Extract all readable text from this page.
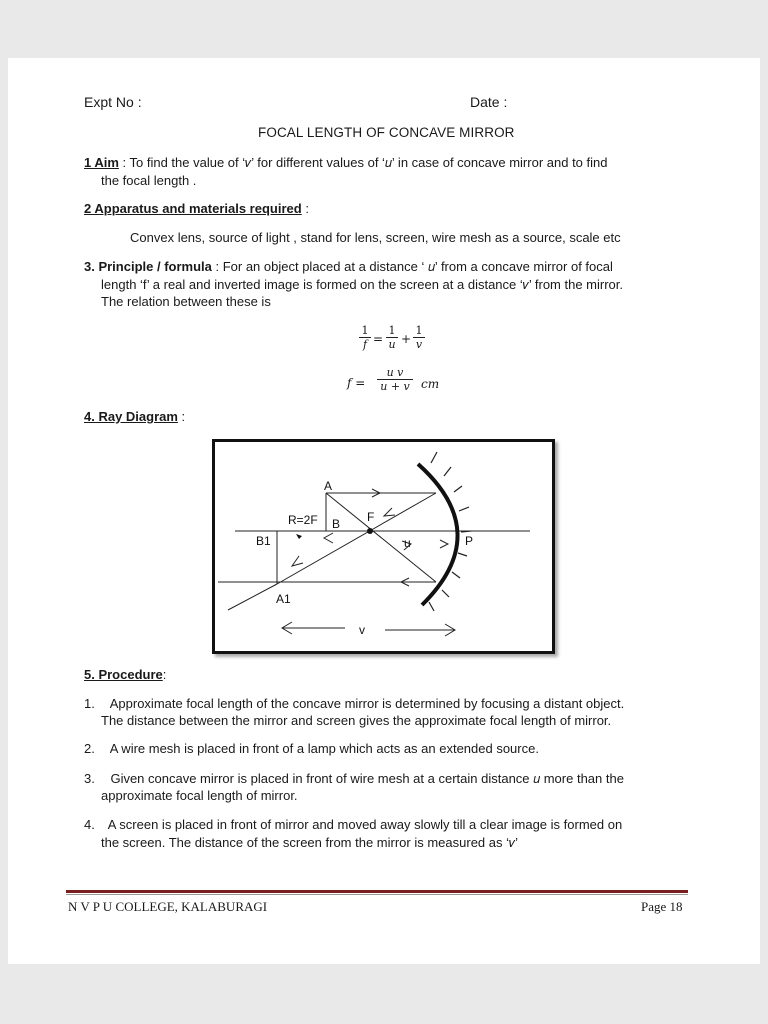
Expt No :	Date :
FOCAL LENGTH OF CONCAVE MIRROR
1 Aim : To find the value of ‘𝑣’ for different values of ‘𝑢’ in case of concave mirror and to find
the focal length .
2 Apparatus and materials required :
Convex lens, source of light , stand for lens, screen, wire mesh as a source, scale etc
3. Principle / formula : For an object placed at a distance ‘ 𝑢’ from a concave mirror of focal
length ‘f’ a real and inverted image is formed on the screen at a distance ‘𝑣’ from the mirror.
The relation between these is
$\frac{1}{f} = \frac{1}{u} + \frac{1}{v}$
$f = \frac{\text{u v}}{u + v}$ cm
4. Ray Diagram :
A
R=2F B F
B1	u	P
A1
v
5. Procedure:
1. Approximate focal length of the concave mirror is determined by focusing a distant object.
The distance between the mirror and screen gives the approximate focal length of mirror.
2. A wire mesh is placed in front of a lamp which acts as an extended source.
3. Given concave mirror is placed in front of wire mesh at a certain distance 𝑢 more than the
approximate focal length of mirror.
4. A screen is placed in front of mirror and moved away slowly till a clear image is formed on
the screen. The distance of the screen from the mirror is measured as ‘𝑣’
N V P U COLLEGE, KALABURAGI	Page 18
